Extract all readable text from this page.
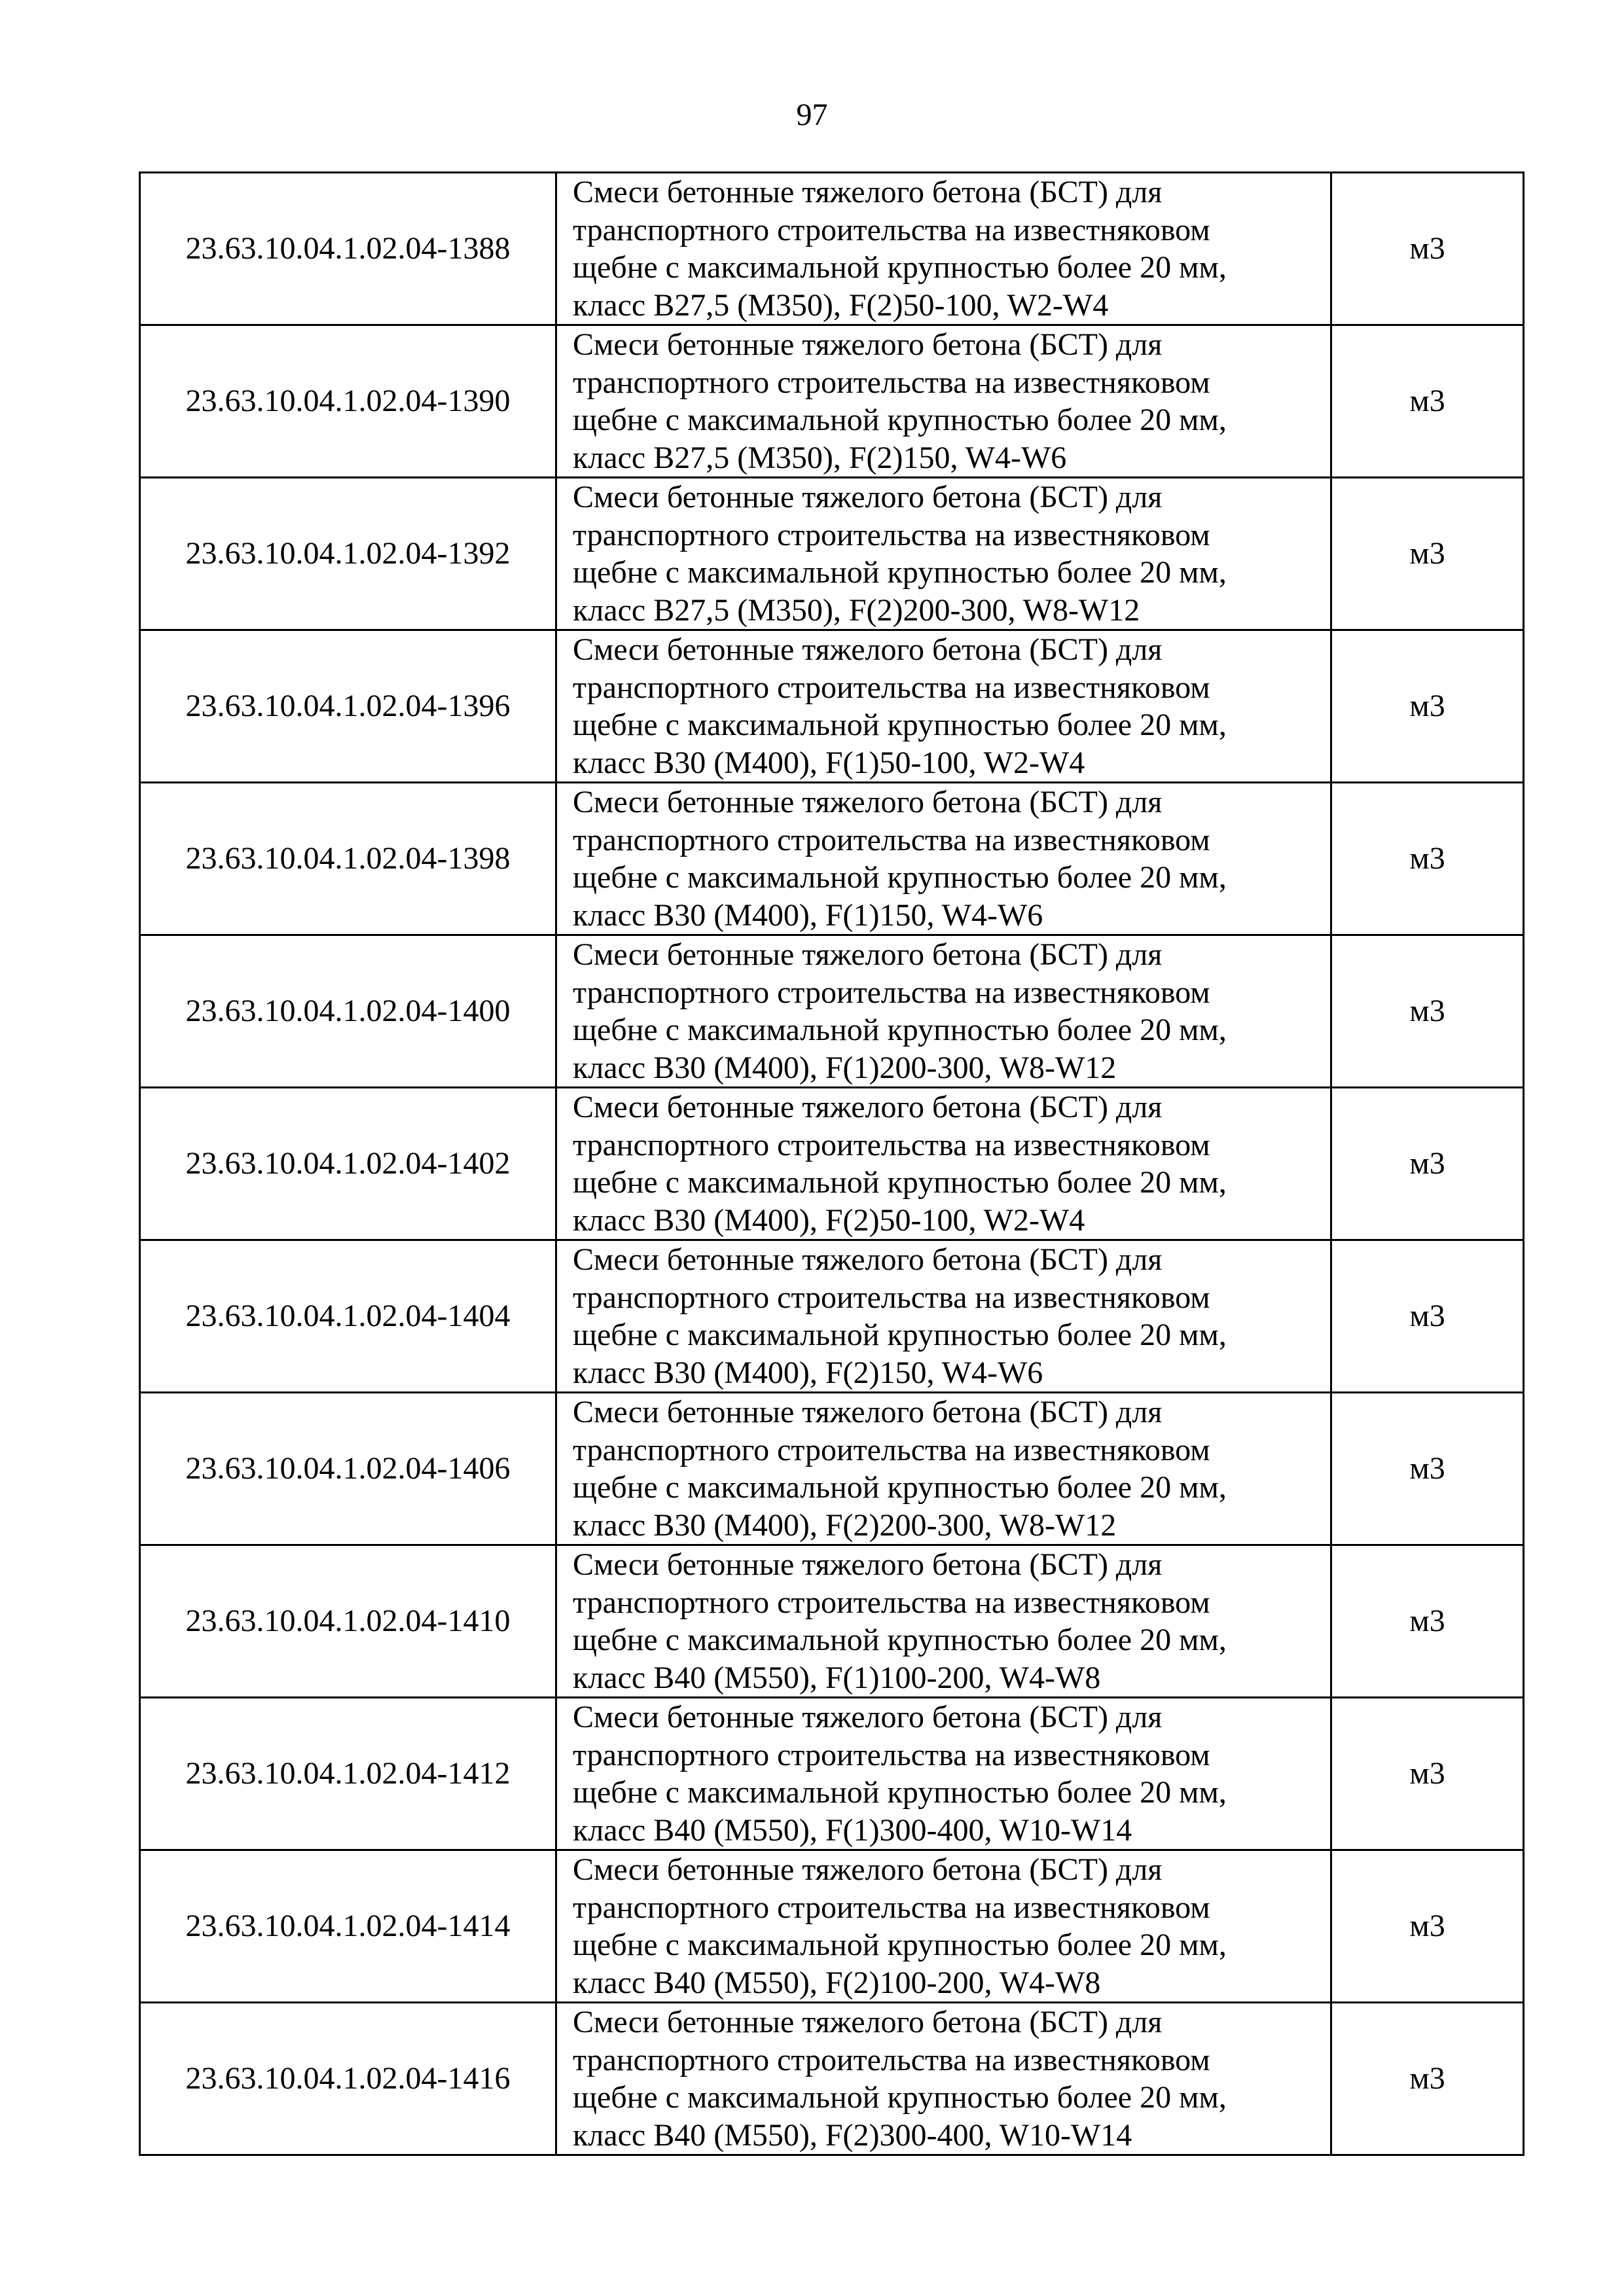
97
23.63.10.04.1.02.04-1388	Смеси бетонные тяжелого бетона (БСТ) для
транспортного строительства на известняковом
щебне с максимальной крупностью более 20 мм,
класс В27,5 (М350), F(2)50-100, W2-W4	м3
23.63.10.04.1.02.04-1390	Смеси бетонные тяжелого бетона (БСТ) для
транспортного строительства на известняковом
щебне с максимальной крупностью более 20 мм,
класс В27,5 (М350), F(2)150, W4-W6	м3
23.63.10.04.1.02.04-1392	Смеси бетонные тяжелого бетона (БСТ) для
транспортного строительства на известняковом
щебне с максимальной крупностью более 20 мм,
класс В27,5 (М350), F(2)200-300, W8-W12	м3
23.63.10.04.1.02.04-1396	Смеси бетонные тяжелого бетона (БСТ) для
транспортного строительства на известняковом
щебне с максимальной крупностью более 20 мм,
класс В30 (М400), F(1)50-100, W2-W4	м3
23.63.10.04.1.02.04-1398	Смеси бетонные тяжелого бетона (БСТ) для
транспортного строительства на известняковом
щебне с максимальной крупностью более 20 мм,
класс В30 (М400), F(1)150, W4-W6	м3
23.63.10.04.1.02.04-1400	Смеси бетонные тяжелого бетона (БСТ) для
транспортного строительства на известняковом
щебне с максимальной крупностью более 20 мм,
класс В30 (М400), F(1)200-300, W8-W12	м3
23.63.10.04.1.02.04-1402	Смеси бетонные тяжелого бетона (БСТ) для
транспортного строительства на известняковом
щебне с максимальной крупностью более 20 мм,
класс В30 (М400), F(2)50-100, W2-W4	м3
23.63.10.04.1.02.04-1404	Смеси бетонные тяжелого бетона (БСТ) для
транспортного строительства на известняковом
щебне с максимальной крупностью более 20 мм,
класс В30 (М400), F(2)150, W4-W6	м3
23.63.10.04.1.02.04-1406	Смеси бетонные тяжелого бетона (БСТ) для
транспортного строительства на известняковом
щебне с максимальной крупностью более 20 мм,
класс В30 (М400), F(2)200-300, W8-W12	м3
23.63.10.04.1.02.04-1410	Смеси бетонные тяжелого бетона (БСТ) для
транспортного строительства на известняковом
щебне с максимальной крупностью более 20 мм,
класс В40 (М550), F(1)100-200, W4-W8	м3
23.63.10.04.1.02.04-1412	Смеси бетонные тяжелого бетона (БСТ) для
транспортного строительства на известняковом
щебне с максимальной крупностью более 20 мм,
класс В40 (М550), F(1)300-400, W10-W14	м3
23.63.10.04.1.02.04-1414	Смеси бетонные тяжелого бетона (БСТ) для
транспортного строительства на известняковом
щебне с максимальной крупностью более 20 мм,
класс В40 (М550), F(2)100-200, W4-W8	м3
23.63.10.04.1.02.04-1416	Смеси бетонные тяжелого бетона (БСТ) для
транспортного строительства на известняковом
щебне с максимальной крупностью более 20 мм,
класс В40 (М550), F(2)300-400, W10-W14	м3
